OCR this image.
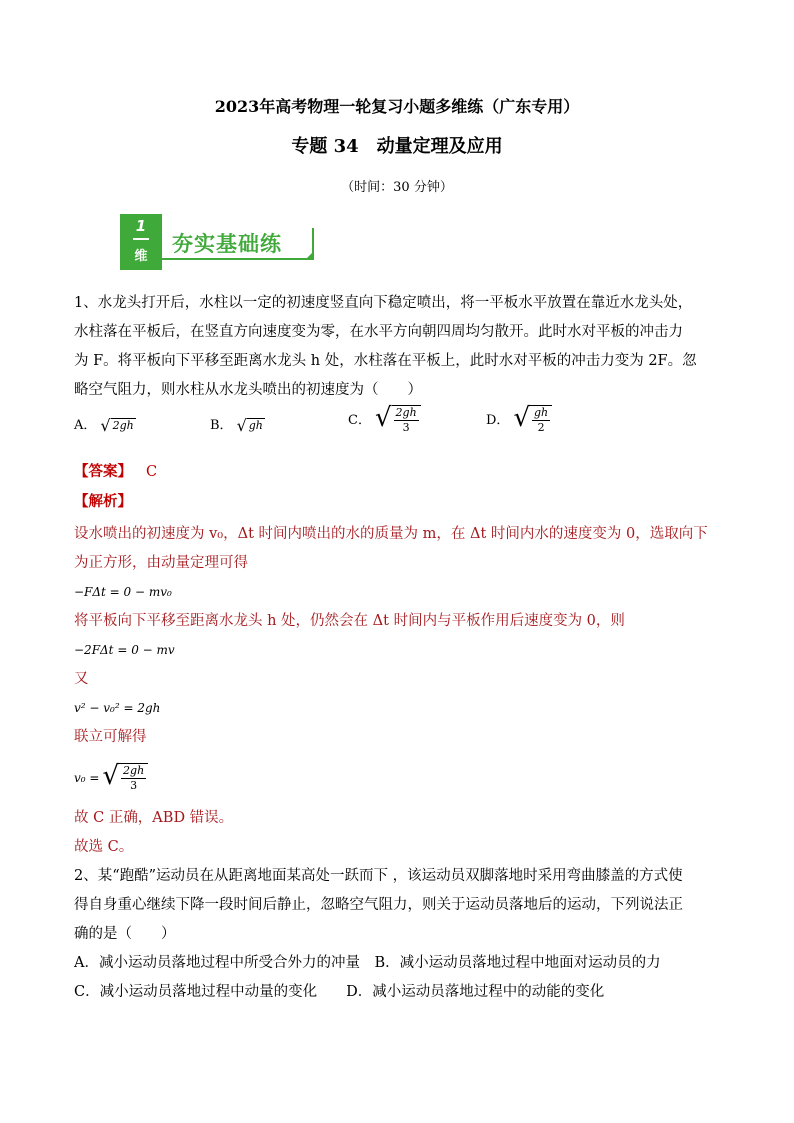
2023年高考物理一轮复习小题多维练（广东专用）
专题 34　动量定理及应用
（时间：30 分钟）
1
维
夯实基础练

1、水龙头打开后，水柱以一定的初速度竖直向下稳定喷出，将一平板水平放置在靠近水龙头处，

水柱落在平板后，在竖直方向速度变为零，在水平方向朝四周均匀散开。此时水对平板的冲击力

为 F。将平板向下平移至距离水龙头 h 处，水柱落在平板上，此时水对平板的冲击力变为 2F。忽

略空气阻力，则水柱从水龙头喷出的初速度为（　　）

A． √ 2gh	B． √ gh	C． √ $\frac{2gh}{3}$	D． √ $\frac{gh}{2}$

【答案】 C

【解析】

设水喷出的初速度为 v₀，Δt 时间内喷出的水的质量为 m，在 Δt 时间内水的速度变为 0，选取向下

为正方形，由动量定理可得

−FΔt = 0 − mv₀

将平板向下平移至距离水龙头 h 处，仍然会在 Δt 时间内与平板作用后速度变为 0，则

−2FΔt = 0 − mv

又

v² − v₀² = 2gh

联立可解得

v₀ = √ $\frac{2gh}{3}$

故 C 正确，ABD 错误。

故选 C。

2、某“跑酷”运动员在从距离地面某高处一跃而下 ，该运动员双脚落地时采用弯曲膝盖的方式使

得自身重心继续下降一段时间后静止，忽略空气阻力，则关于运动员落地后的运动，下列说法正

确的是（　　）

A．减小运动员落地过程中所受合外力的冲量　B．减小运动员落地过程中地面对运动员的力

C．减小运动员落地过程中动量的变化　　D．减小运动员落地过程中的动能的变化
